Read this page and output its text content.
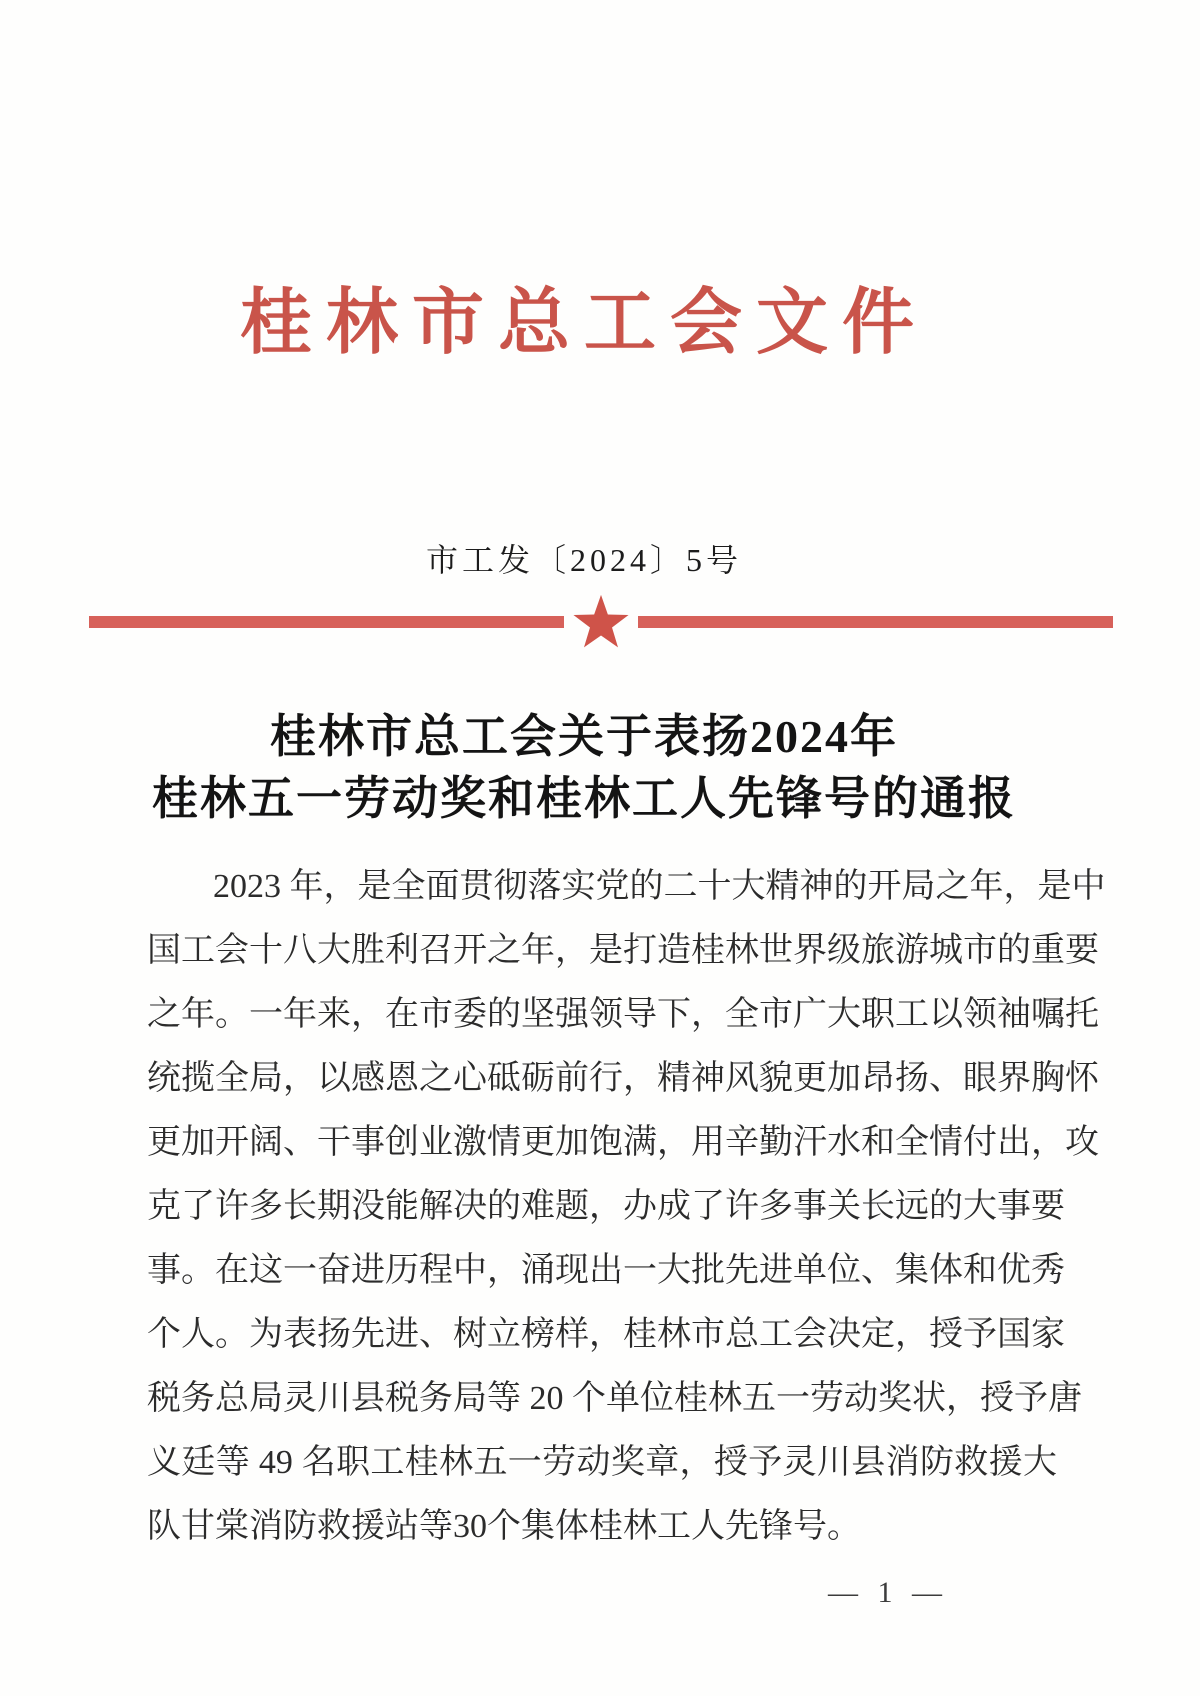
桂林市总工会文件
市工发〔2024〕5号
桂林市总工会关于表扬2024年
桂林五一劳动奖和桂林工人先锋号的通报
2023 年，是全面贯彻落实党的二十大精神的开局之年，是中
国工会十八大胜利召开之年，是打造桂林世界级旅游城市的重要
之年。一年来，在市委的坚强领导下，全市广大职工以领袖嘱托
统揽全局，以感恩之心砥砺前行，精神风貌更加昂扬、眼界胸怀
更加开阔、干事创业激情更加饱满，用辛勤汗水和全情付出，攻
克了许多长期没能解决的难题，办成了许多事关长远的大事要
事。在这一奋进历程中，涌现出一大批先进单位、集体和优秀
个人。为表扬先进、树立榜样，桂林市总工会决定，授予国家
税务总局灵川县税务局等 20 个单位桂林五一劳动奖状，授予唐
义廷等 49 名职工桂林五一劳动奖章，授予灵川县消防救援大
队甘棠消防救援站等30个集体桂林工人先锋号。
— 1 —
